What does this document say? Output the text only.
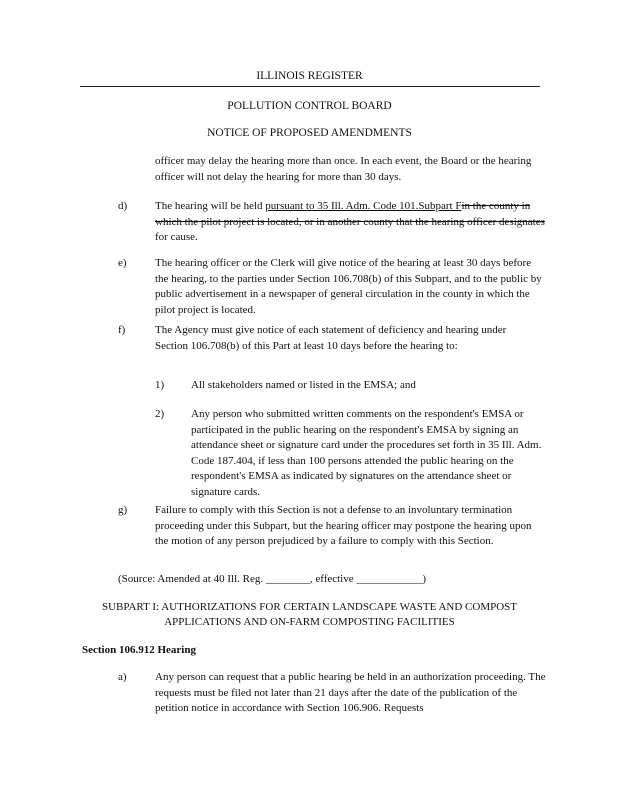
ILLINOIS REGISTER
POLLUTION CONTROL BOARD
NOTICE OF PROPOSED AMENDMENTS
officer may delay the hearing more than once. In each event, the Board or the hearing officer will not delay the hearing for more than 30 days.
d)	The hearing will be held pursuant to 35 Ill. Adm. Code 101.Subpart Fin the county in which the pilot project is located, or in another county that the hearing officer designates for cause.
e)	The hearing officer or the Clerk will give notice of the hearing at least 30 days before the hearing, to the parties under Section 106.708(b) of this Subpart, and to the public by public advertisement in a newspaper of general circulation in the county in which the pilot project is located.
f)	The Agency must give notice of each statement of deficiency and hearing under Section 106.708(b) of this Part at least 10 days before the hearing to:
1) All stakeholders named or listed in the EMSA; and
2) Any person who submitted written comments on the respondent's EMSA or participated in the public hearing on the respondent's EMSA by signing an attendance sheet or signature card under the procedures set forth in 35 Ill. Adm. Code 187.404, if less than 100 persons attended the public hearing on the respondent's EMSA as indicated by signatures on the attendance sheet or signature cards.
g)	Failure to comply with this Section is not a defense to an involuntary termination proceeding under this Subpart, but the hearing officer may postpone the hearing upon the motion of any person prejudiced by a failure to comply with this Section.
(Source: Amended at 40 Ill. Reg. ________, effective ____________)
SUBPART I: AUTHORIZATIONS FOR CERTAIN LANDSCAPE WASTE AND COMPOST
APPLICATIONS AND ON-FARM COMPOSTING FACILITIES
Section 106.912 Hearing
a)	Any person can request that a public hearing be held in an authorization proceeding. The requests must be filed not later than 21 days after the date of the publication of the petition notice in accordance with Section 106.906. Requests
